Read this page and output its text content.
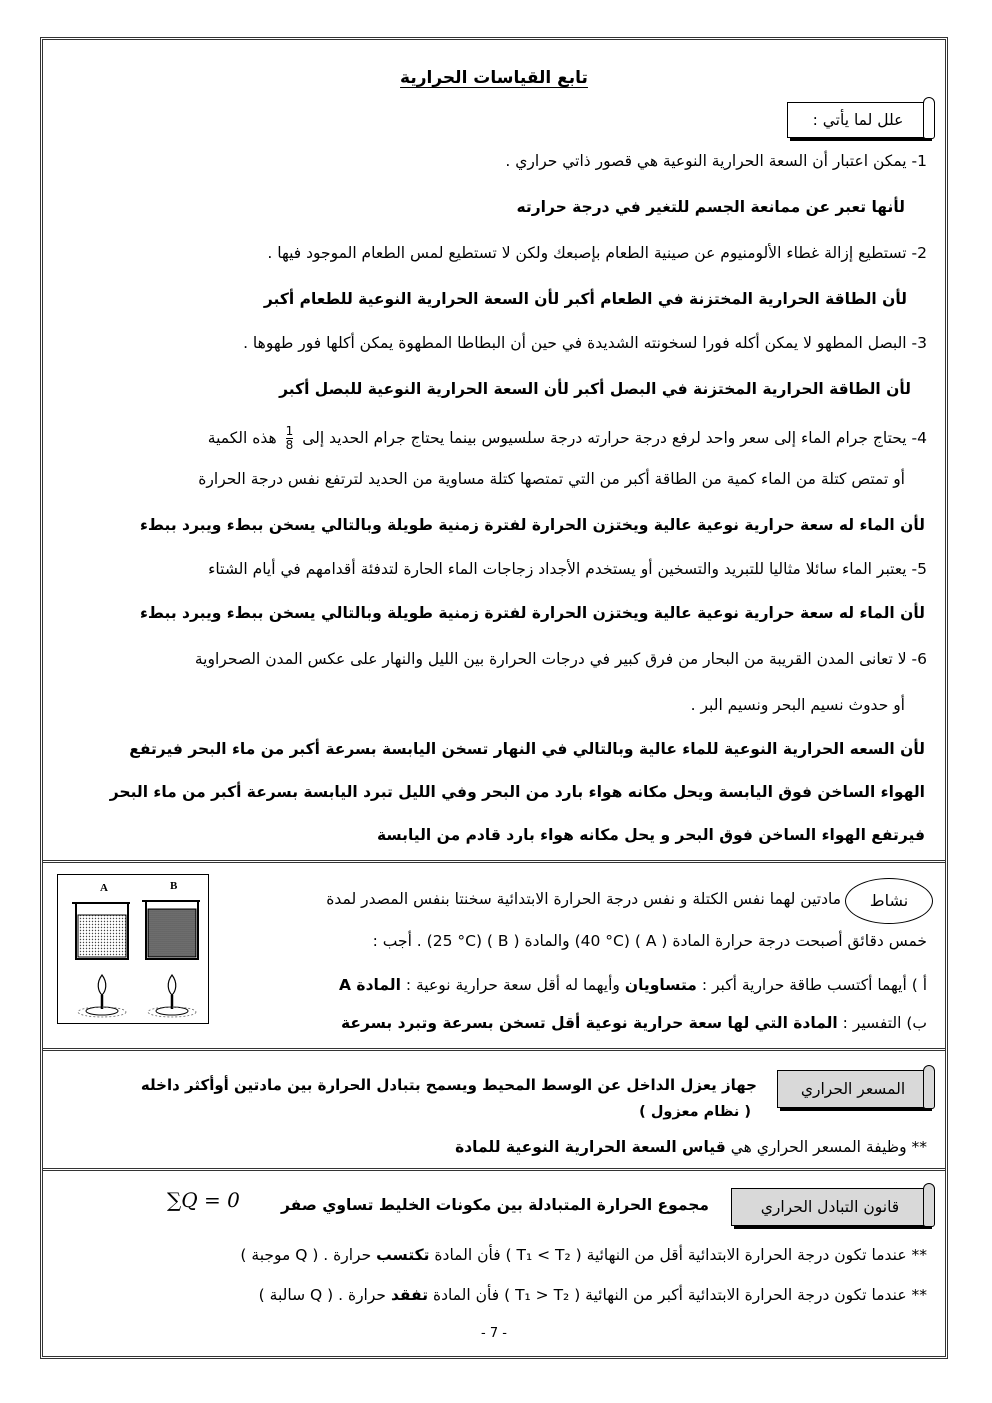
تابع القياسات الحرارية
علل لما يأتي :
1- يمكن اعتبار أن السعة الحرارية النوعية هي قصور ذاتي حراري .
لأنها تعبر عن ممانعة الجسم للتغير في درجة حرارته
2- تستطيع إزالة غطاء الألومنيوم عن صينية الطعام بإصبعك ولكن لا تستطيع لمس الطعام الموجود فيها .
لأن الطاقة الحرارية المختزنة في الطعام أكبر لأن السعة الحرارية النوعية للطعام أكبر
3- البصل المطهو لا يمكن أكله فورا لسخونته الشديدة في حين أن البطاطا المطهوة يمكن أكلها فور طهوها .
لأن الطاقة الحرارية المختزنة في البصل أكبر لأن السعة الحرارية النوعية للبصل أكبر
4- يحتاج جرام الماء إلى سعر واحد لرفع درجة حرارته درجة سلسيوس بينما يحتاج جرام الحديد إلى
$\frac{1}{8}$
هذه الكمية
أو تمتص كتلة من الماء كمية من الطاقة أكبر من التي تمتصها كتلة مساوية من الحديد لترتفع نفس درجة الحرارة
لأن الماء له سعة حرارية نوعية عالية ويختزن الحرارة لفترة زمنية طويلة وبالتالي يسخن ببطء ويبرد ببطء
5- يعتبر الماء سائلا مثاليا للتبريد والتسخين أو يستخدم الأجداد زجاجات الماء الحارة لتدفئة أقدامهم في أيام الشتاء
لأن الماء له سعة حرارية نوعية عالية ويختزن الحرارة لفترة زمنية طويلة وبالتالي يسخن ببطء ويبرد ببطء
6- لا تعانى المدن القريبة من البحار من فرق كبير في درجات الحرارة بين الليل والنهار على عكس المدن الصحراوية
أو حدوث نسيم البحر ونسيم البر .
لأن السعه الحرارية النوعية للماء عالية وبالتالي في النهار تسخن اليابسة بسرعة أكبر من ماء البحر فيرتفع
الهواء الساخن فوق اليابسة ويحل مكانه هواء بارد من البحر وفي الليل تبرد اليابسة بسرعة أكبر من ماء البحر
فيرتفع الهواء الساخن فوق البحر و يحل مكانه هواء بارد قادم من اليابسة
نشاط
مادتين لهما نفس الكتلة و نفس درجة الحرارة الابتدائية سخنتا بنفس المصدر لمدة
خمس دقائق أصبحت درجة حرارة المادة ( A ) (40 °C) والمادة ( B ) (25 °C) . أجب :
أ ) أيهما أكتسب طاقة حرارية أكبر : متساويان وأيهما له أقل سعة حرارية نوعية : المادة A
ب) التفسير : المادة التي لها سعة حرارية نوعية أقل تسخن بسرعة وتبرد بسرعة
A	B
المسعر الحراري
جهاز يعزل الداخل عن الوسط المحيط ويسمح بتبادل الحرارة بين مادتين أوأكثر داخله
( نظام معزول )
** وظيفة المسعر الحراري هي قياس السعة الحرارية النوعية للمادة
قانون التبادل الحراري
مجموع الحرارة المتبادلة بين مكونات الخليط تساوي صفر
∑Q = 0
** عندما تكون درجة الحرارة الابتدائية أقل من النهائية ( T₁ < T₂ ) فأن المادة تكتسب حرارة . ( Q موجبة )
** عندما تكون درجة الحرارة الابتدائية أكبر من النهائية ( T₁ > T₂ ) فأن المادة تفقد حرارة . ( Q سالبة )
- 7 -
